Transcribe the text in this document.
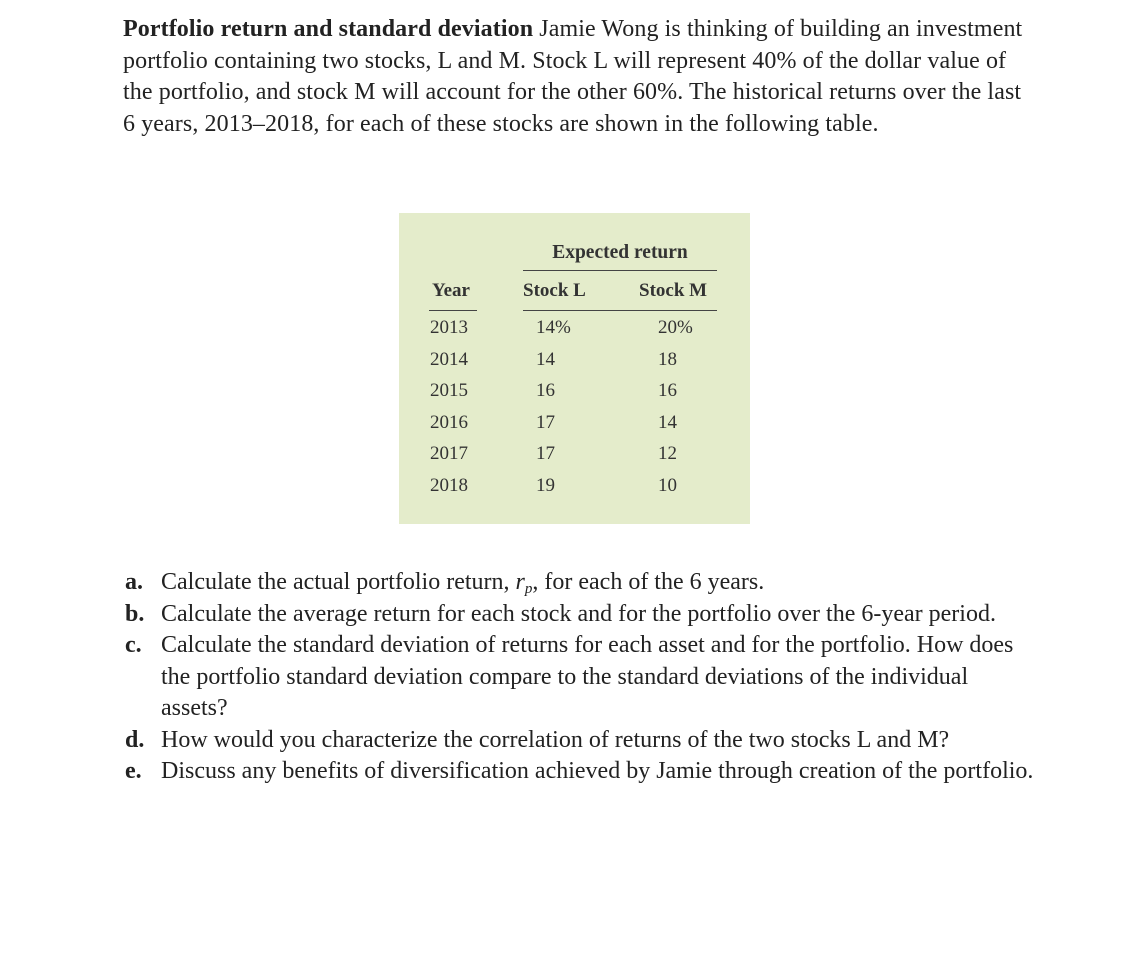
Portfolio return and standard deviation Jamie Wong is thinking of building an investment portfolio containing two stocks, L and M. Stock L will represent 40% of the dollar value of the portfolio, and stock M will account for the other 60%. The historical returns over the last 6 years, 2013–2018, for each of these stocks are shown in the following table.
Expected return
Year	Stock L	Stock M
2013	14%	20%
2014	14	18
2015	16	16
2016	17	14
2017	17	12
2018	19	10
a. Calculate the actual portfolio return, $r_p$, for each of the 6 years.
b. Calculate the average return for each stock and for the portfolio over the 6-year period.
c. Calculate the standard deviation of returns for each asset and for the portfolio. How does the portfolio standard deviation compare to the standard deviations of the individual assets?
d. How would you characterize the correlation of returns of the two stocks L and M?
e. Discuss any benefits of diversification achieved by Jamie through creation of the portfolio.
